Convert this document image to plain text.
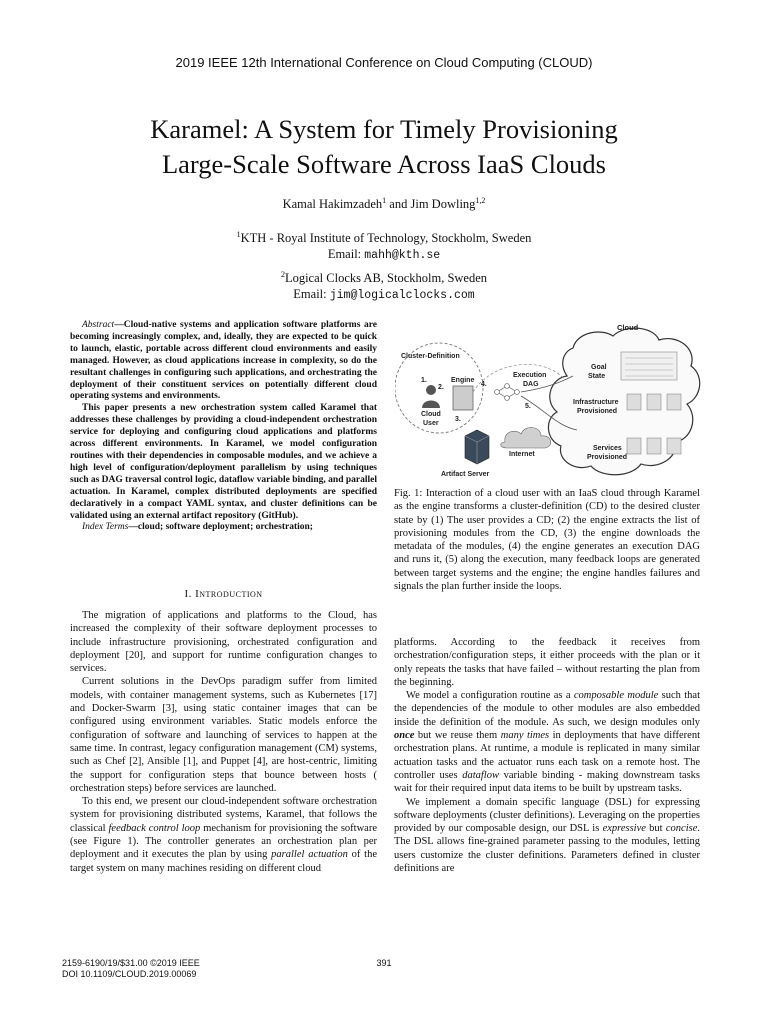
2019 IEEE 12th International Conference on Cloud Computing (CLOUD)
Karamel: A System for Timely Provisioning
Large-Scale Software Across IaaS Clouds
Kamal Hakimzadeh$^1$ and Jim Dowling$^{1,2}$
$^1$KTH - Royal Institute of Technology, Stockholm, Sweden
Email: mahh@kth.se
$^2$Logical Clocks AB, Stockholm, Sweden
Email: jim@logicalclocks.com

Abstract—Cloud-native systems and application software platforms are becoming increasingly complex, and, ideally, they are expected to be quick to launch, elastic, portable across different cloud environments and easily managed. However, as cloud applications increase in complexity, so do the resultant challenges in configuring such applications, and orchestrating the deployment of their constituent services on potentially different cloud operating systems and environments.

This paper presents a new orchestration system called Karamel that addresses these challenges by providing a cloud-independent orchestration service for deploying and configuring cloud applications and platforms across different environments. In Karamel, we model configuration routines with their dependencies in composable modules, and we achieve a high level of configuration/deployment parallelism by using techniques such as DAG traversal control logic, dataflow variable binding, and parallel actuation. In Karamel, complex distributed deployments are specified declaratively in a compact YAML syntax, and cluster definitions can be validated using an external artifact repository (GitHub).

Index Terms—cloud; software deployment; orchestration;

I. Introduction

The migration of applications and platforms to the Cloud, has increased the complexity of their software deployment processes to include infrastructure provisioning, orchestrated configuration and deployment [20], and support for runtime configuration changes to services.

Current solutions in the DevOps paradigm suffer from limited models, with container management systems, such as Kubernetes [17] and Docker-Swarm [3], using static container images that can be configured using environment variables. Static models enforce the configuration of software and launching of services to happen at the same time. In contrast, legacy configuration management (CM) systems, such as Chef [2], Ansible [1], and Puppet [4], are host-centric, limiting the support for configuration steps that bounce between hosts ( orchestration steps) before services are launched.

To this end, we present our cloud-independent software orchestration system for provisioning distributed systems, Karamel, that follows the classical feedback control loop mechanism for provisioning the software (see Figure 1). The controller generates an orchestration plan per deployment and it executes the plan by using parallel actuation of the target system on many machines residing on different cloud

Cloud
Goal
State
Infrastructure
Provisioned
Services
Provisioned
Cluster-Definition
Cloud
User
Engine
1.
2.
3.
4.
5.
Execution
DAG
Internet
Artifact Server
Fig. 1: Interaction of a cloud user with an IaaS cloud through Karamel as the engine transforms a cluster-definition (CD) to the desired cluster state by (1) The user provides a CD; (2) the engine extracts the list of provisioning modules from the CD, (3) the engine downloads the metadata of the modules, (4) the engine generates an execution DAG and runs it, (5) along the execution, many feedback loops are generated between target systems and the engine; the engine handles failures and signals the plan further inside the loops.

platforms. According to the feedback it receives from orchestration/configuration steps, it either proceeds with the plan or it only repeats the tasks that have failed – without restarting the plan from the beginning.

We model a configuration routine as a composable module such that the dependencies of the module to other modules are also embedded inside the definition of the module. As such, we design modules only once but we reuse them many times in deployments that have different orchestration plans. At runtime, a module is replicated in many similar actuation tasks and the actuator runs each task on a remote host. The controller uses dataflow variable binding - making downstream tasks wait for their required input data items to be built by upstream tasks.

We implement a domain specific language (DSL) for expressing software deployments (cluster definitions). Leveraging on the properties provided by our composable design, our DSL is expressive but concise. The DSL allows fine-grained parameter passing to the modules, letting users customize the cluster definitions. Parameters defined in cluster definitions are

2159-6190/19/$31.00 ©2019 IEEE
DOI 10.1109/CLOUD.2019.00069
391
